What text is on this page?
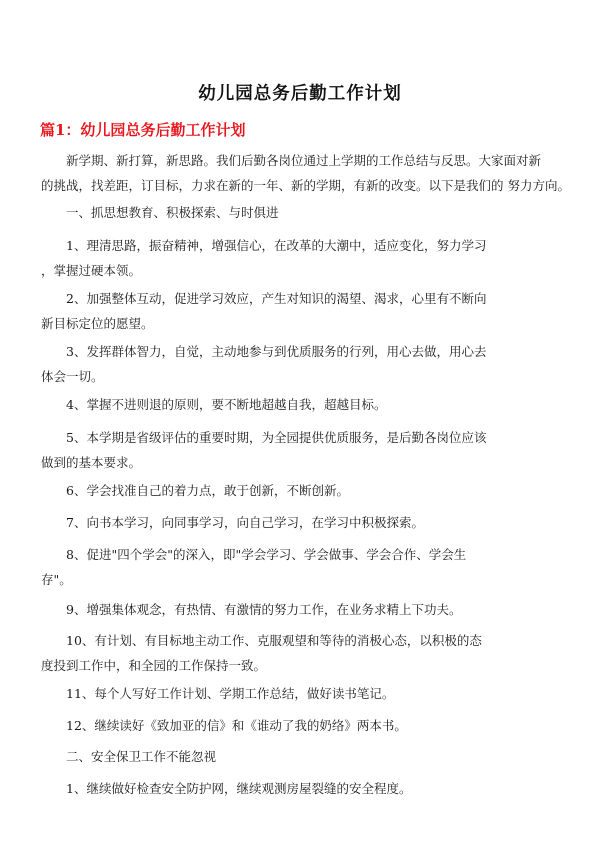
幼儿园总务后勤工作计划
篇1：幼儿园总务后勤工作计划
　　新学期、新打算，新思路。我们后勤各岗位通过上学期的工作总结与反思。大家面对新
的挑战，找差距，订目标，力求在新的一年、新的学期，有新的改变。以下是我们的 努力方向。
　　一、抓思想教育、积极探索、与时俱进
　　1、理清思路，振奋精神，增强信心，在改革的大潮中，适应变化，努力学习
，掌握过硬本领。
　　2、加强整体互动，促进学习效应，产生对知识的渴望、渴求，心里有不断向
新目标定位的愿望。
　　3、发挥群体智力，自觉，主动地参与到优质服务的行列，用心去做，用心去
体会一切。
　　4、掌握不进则退的原则，要不断地超越自我，超越目标。
　　5、本学期是省级评估的重要时期，为全园提供优质服务，是后勤各岗位应该
做到的基本要求。
　　6、学会找准自己的着力点，敢于创新，不断创新。
　　7、向书本学习，向同事学习，向自己学习，在学习中积极探索。
　　8、促进"四个学会"的深入，即"学会学习、学会做事、学会合作、学会生
存"。
　　9、增强集体观念，有热情、有激情的努力工作，在业务求精上下功夫。
　　10、有计划、有目标地主动工作、克服观望和等待的消极心态，以积极的态
度投到工作中，和全园的工作保持一致。
　　11、每个人写好工作计划、学期工作总结，做好读书笔记。
　　12、继续读好《致加亚的信》和《谁动了我的奶络》两本书。
　　二、安全保卫工作不能忽视
　　1、继续做好检查安全防护网，继续观测房屋裂缝的安全程度。
